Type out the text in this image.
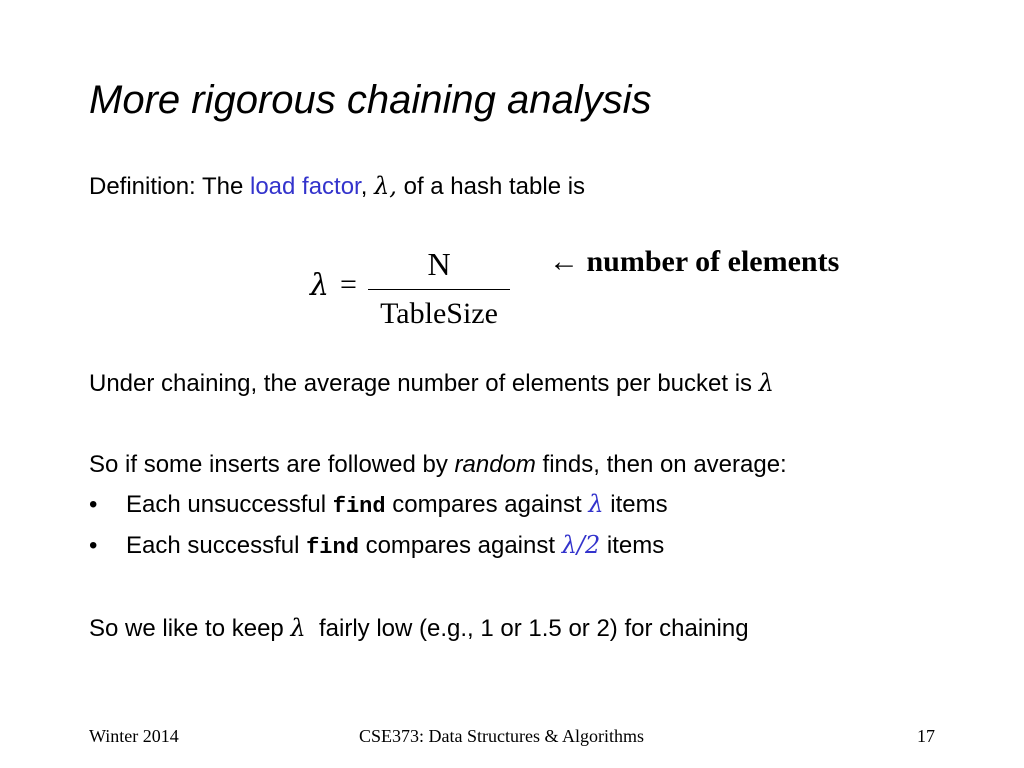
More rigorous chaining analysis
Definition: The load factor, λ, of a hash table is
λ =
N
TableSize
← number of elements
Under chaining, the average number of elements per bucket is λ
So if some inserts are followed by random finds, then on average:
• Each unsuccessful find compares against λ items
• Each successful find compares against λ/2 items
So we like to keep λ  fairly low (e.g., 1 or 1.5 or 2) for chaining
Winter 2014	CSE373: Data Structures & Algorithms	17
